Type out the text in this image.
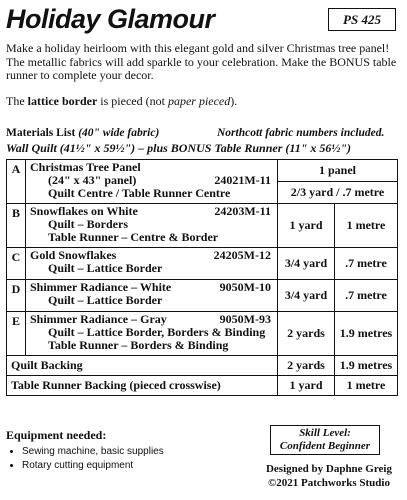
Holiday Glamour	PS 425
Make a holiday heirloom with this elegant gold and silver Christmas tree panel! The metallic fabrics will add sparkle to your celebration. Make the BONUS table runner to complete your decor.
The lattice border is pieced (not paper pieced).
Materials List (40" wide fabric)	Northcott fabric numbers included.
Wall Quilt (41½" x 59½") – plus BONUS Table Runner (11" x 56½")
A	Christmas Tree Panel
(24" x 43" panel) 24021M-11
Quilt Centre / Table Runner Centre	1 panel	
		2/3 yard / .7 metre	
B	Snowflakes on White 24203M-11
Quilt – Borders
Table Runner – Centre & Border	1 yard	1 metre
C	Gold Snowflakes 24205M-12
Quilt – Lattice Border	3/4 yard	.7 metre
D	Shimmer Radiance – White 9050M-10
Quilt – Lattice Border	3/4 yard	.7 metre
E	Shimmer Radiance – Gray 9050M-93
Quilt – Lattice Border, Borders & Binding
Table Runner – Borders & Binding	2 yards	1.9 metres
Quilt Backing		2 yards	1.9 metres
Table Runner Backing (pieced crosswise)		1 yard	1 metre
Equipment needed:
• Sewing machine, basic supplies
• Rotary cutting equipment
Skill Level:
Confident Beginner
Designed by Daphne Greig
©2021 Patchworks Studio
